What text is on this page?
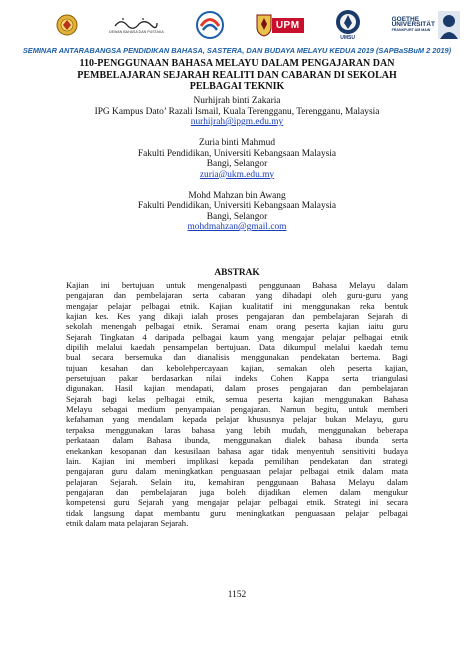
DEWAN BAHASA DAN PUSTAKA
UPM
UMSU
GOETHE
UNIVERSITÄT
FRANKFURT AM MAIN
SEMINAR ANTARABANGSA PENDIDIKAN BAHASA, SASTERA, DAN BUDAYA MELAYU KEDUA 2019 (SAPBaSBuM 2 2019)
110-PENGGUNAAN BAHASA MELAYU DALAM PENGAJARAN DAN
PEMBELAJARAN SEJARAH REALITI DAN CABARAN DI SEKOLAH
PELBAGAI TEKNIK
Nurhijrah binti Zakaria
IPG Kampus Dato’ Razali Ismail, Kuala Terengganu, Terengganu, Malaysia
nurhijrah@ipgm.edu.my
Zuria binti Mahmud
Fakulti Pendidikan, Universiti Kebangsaan Malaysia
Bangi, Selangor
zuria@ukm.edu.my
Mohd Mahzan bin Awang
Fakulti Pendidikan, Universiti Kebangsaan Malaysia
Bangi, Selangor
mohdmahzan@gmail.com
ABSTRAK
Kajian ini bertujuan untuk mengenalpasti penggunaan Bahasa Melayu dalam
pengajaran dan pembelajaran serta cabaran yang dihadapi oleh guru-guru yang
mengajar pelajar pelbagai etnik. Kajian kualitatif ini menggunakan reka bentuk
kajian kes. Kes yang dikaji ialah proses pengajaran dan pembelajaran Sejarah di
sekolah menengah pelbagai etnik. Seramai enam orang peserta kajian iaitu guru
Sejarah Tingkatan 4 daripada pelbagai kaum yang mengajar pelajar pelbagai etnik
dipilih melalui kaedah pensampelan bertujuan. Data dikumpul melalui kaedah temu
bual secara bersemuka dan dianalisis menggunakan pendekatan bertema. Bagi
tujuan kesahan dan kebolehpercayaan kajian, semakan oleh peserta kajian,
persetujuan pakar berdasarkan nilai indeks Cohen Kappa serta triangulasi
digunakan. Hasil kajian mendapati, dalam proses pengajaran dan pembelajaran
Sejarah bagi kelas pelbagai etnik, semua peserta kajian menggunakan Bahasa
Melayu sebagai medium penyampaian pengajaran. Namun begitu, untuk memberi
kefahaman yang mendalam kepada pelajar khususnya pelajar bukan Melayu, guru
terpaksa menggunakan laras bahasa yang lebih mudah, menggunakan beberapa
perkataan dalam Bahasa ibunda, menggunakan dialek bahasa ibunda serta
enekankan kesopanan dan kesusilaan bahasa agar tidak menyentuh sensitiviti budaya
lain. Kajian ini memberi implikasi kepada pemilihan pendekatan dan strategi
pengajaran guru dalam meningkatkan penguasaan pelajar pelbagai etnik dalam mata
pelajaran Sejarah. Selain itu, kemahiran penggunaan Bahasa Melayu dalam
pengajaran dan pembelajaran juga boleh dijadikan elemen dalam mengukur
kompetensi guru Sejarah yang mengajar pelajar pelbagai etnik. Strategi ini secara
tidak langsung dapat membantu guru meningkatkan penguasaan pelajar pelbagai
etnik dalam mata pelajaran Sejarah.
1152
